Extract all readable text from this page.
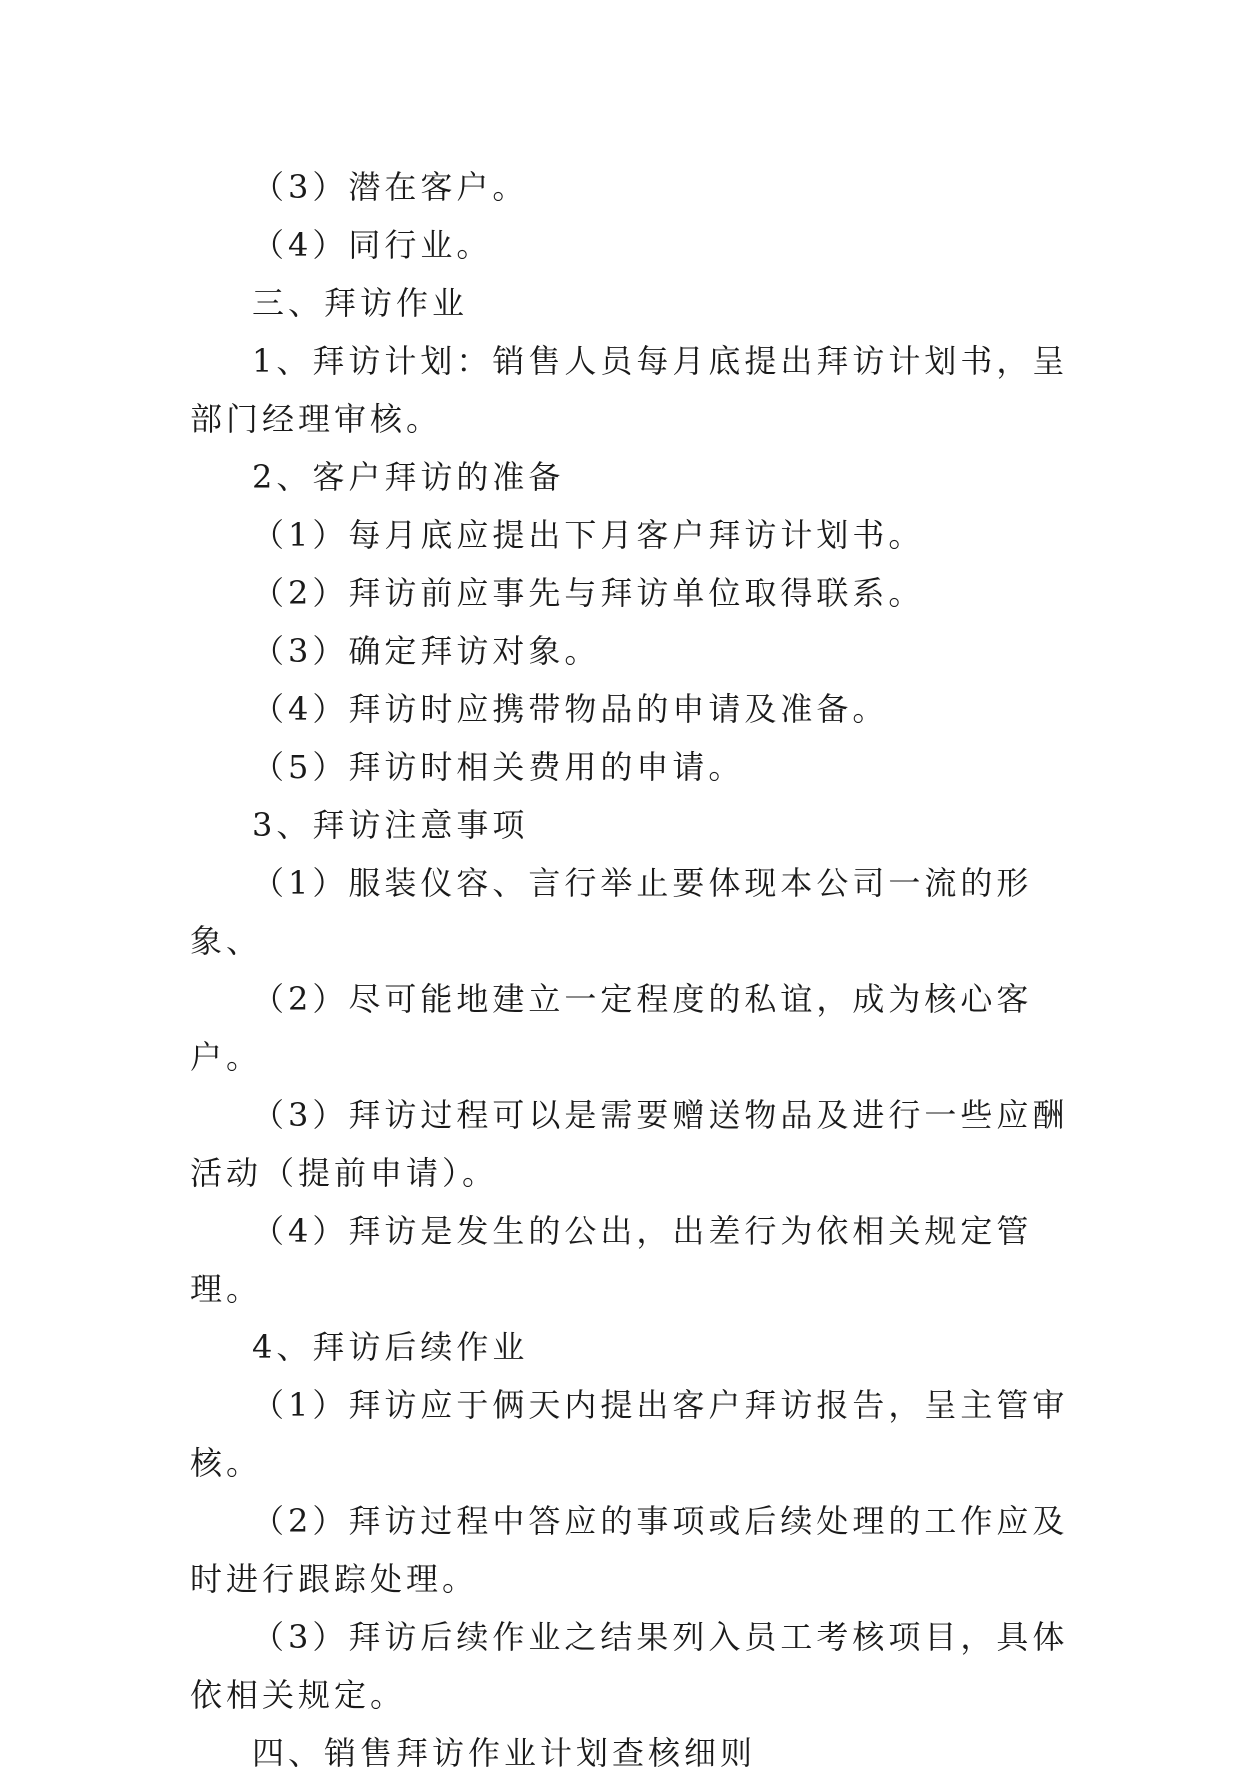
（3）潜在客户。

（4）同行业。

三、拜访作业

1、拜访计划：销售人员每月底提出拜访计划书，呈部门经理审核。

2、客户拜访的准备

（1）每月底应提出下月客户拜访计划书。

（2）拜访前应事先与拜访单位取得联系。

（3）确定拜访对象。

（4）拜访时应携带物品的申请及准备。

（5）拜访时相关费用的申请。

3、拜访注意事项

（1）服装仪容、言行举止要体现本公司一流的形象、

（2）尽可能地建立一定程度的私谊，成为核心客户。

（3）拜访过程可以是需要赠送物品及进行一些应酬活动（提前申请）。

（4）拜访是发生的公出，出差行为依相关规定管理。

4、拜访后续作业

（1）拜访应于俩天内提出客户拜访报告，呈主管审核。

（2）拜访过程中答应的事项或后续处理的工作应及时进行跟踪处理。

（3）拜访后续作业之结果列入员工考核项目，具体依相关规定。

四、销售拜访作业计划查核细则
